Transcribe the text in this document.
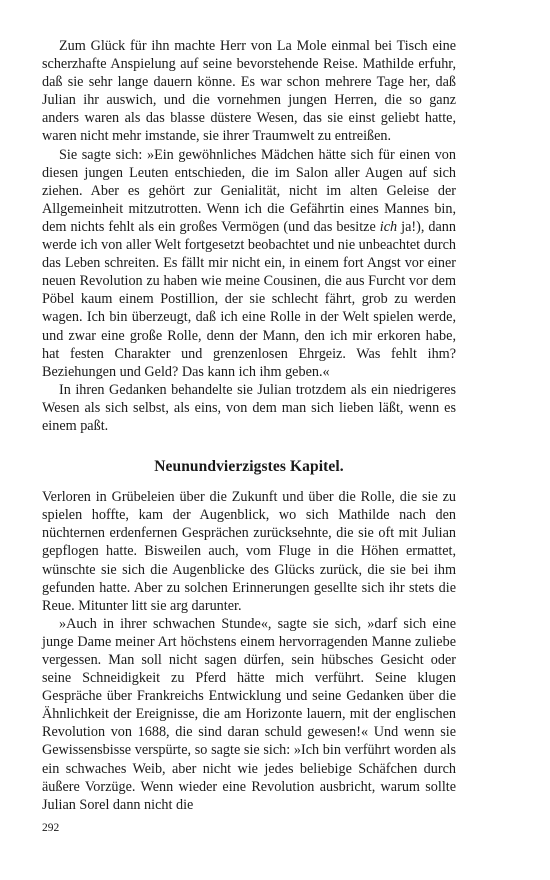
Zum Glück für ihn machte Herr von La Mole einmal bei Tisch eine scherzhafte Anspielung auf seine bevorstehende Reise. Mathilde erfuhr, daß sie sehr lange dauern könne. Es war schon mehrere Tage her, daß Julian ihr auswich, und die vornehmen jungen Herren, die so ganz anders waren als das blasse düstere Wesen, das sie einst geliebt hatte, waren nicht mehr imstande, sie ihrer Traumwelt zu entreißen.

Sie sagte sich: »Ein gewöhnliches Mädchen hätte sich für einen von diesen jungen Leuten entschieden, die im Salon aller Augen auf sich ziehen. Aber es gehört zur Genialität, nicht im alten Geleise der Allgemeinheit mitzutrotten. Wenn ich die Gefährtin eines Mannes bin, dem nichts fehlt als ein großes Vermögen (und das besitze ich ja!), dann werde ich von aller Welt fortgesetzt beobachtet und nie unbeachtet durch das Leben schreiten. Es fällt mir nicht ein, in einem fort Angst vor einer neuen Revolution zu haben wie meine Cousinen, die aus Furcht vor dem Pöbel kaum einem Postillion, der sie schlecht fährt, grob zu werden wagen. Ich bin überzeugt, daß ich eine Rolle in der Welt spielen werde, und zwar eine große Rolle, denn der Mann, den ich mir erkoren habe, hat festen Charakter und grenzenlosen Ehrgeiz. Was fehlt ihm? Beziehungen und Geld? Das kann ich ihm geben.«

In ihren Gedanken behandelte sie Julian trotzdem als ein niedrigeres Wesen als sich selbst, als eins, von dem man sich lieben läßt, wenn es einem paßt.

Neunundvierzigstes Kapitel.

Verloren in Grübeleien über die Zukunft und über die Rolle, die sie zu spielen hoffte, kam der Augenblick, wo sich Mathilde nach den nüchternen erdenfernen Gesprächen zurücksehnte, die sie oft mit Julian gepflogen hatte. Bisweilen auch, vom Fluge in die Höhen ermattet, wünschte sie sich die Augenblicke des Glücks zurück, die sie bei ihm gefunden hatte. Aber zu solchen Erinnerungen gesellte sich ihr stets die Reue. Mitunter litt sie arg darunter.

»Auch in ihrer schwachen Stunde«, sagte sie sich, »darf sich eine junge Dame meiner Art höchstens einem hervorragenden Manne zuliebe vergessen. Man soll nicht sagen dürfen, sein hübsches Gesicht oder seine Schneidigkeit zu Pferd hätte mich verführt. Seine klugen Gespräche über Frankreichs Entwicklung und seine Gedanken über die Ähnlichkeit der Ereignisse, die am Horizonte lauern, mit der englischen Revolution von 1688, die sind daran schuld gewesen!« Und wenn sie Gewissensbisse verspürte, so sagte sie sich: »Ich bin verführt worden als ein schwaches Weib, aber nicht wie jedes beliebige Schäfchen durch äußere Vorzüge. Wenn wieder eine Revolution ausbricht, warum sollte Julian Sorel dann nicht die

292
